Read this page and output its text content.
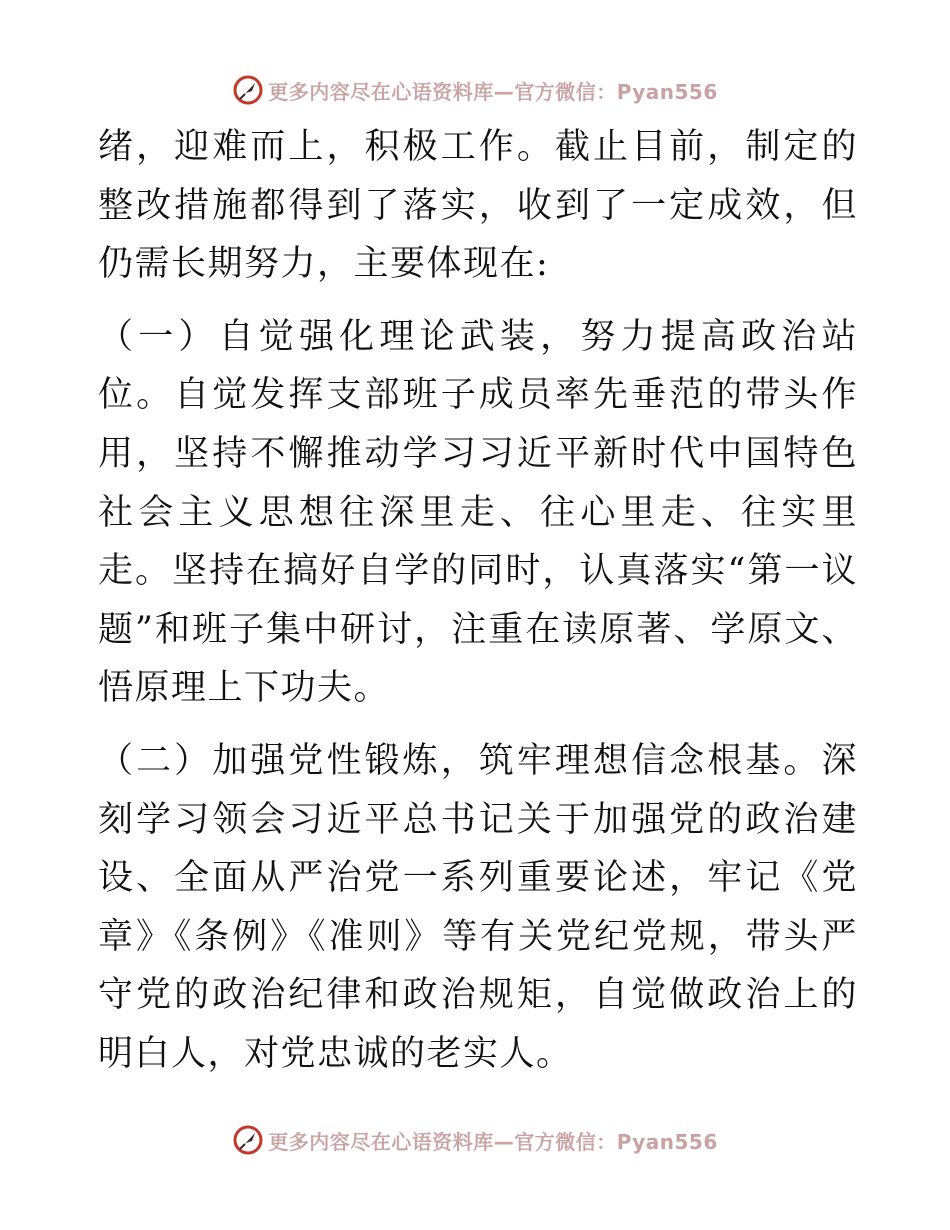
更多内容尽在心语资料库—官方微信：Pyan556

绪，迎难而上，积极工作。截止目前，制定的整改措施都得到了落实，收到了一定成效，但仍需长期努力，主要体现在:

（一）自觉强化理论武装，努力提高政治站位。自觉发挥支部班子成员率先垂范的带头作用，坚持不懈推动学习习近平新时代中国特色社会主义思想往深里走、往心里走、往实里走。坚持在搞好自学的同时，认真落实“第一议题”和班子集中研讨，注重在读原著、学原文、悟原理上下功夫。

（二）加强党性锻炼，筑牢理想信念根基。深刻学习领会习近平总书记关于加强党的政治建设、全面从严治党一系列重要论述，牢记《党章》《条例》《准则》等有关党纪党规，带头严守党的政治纪律和政治规矩，自觉做政治上的明白人，对党忠诚的老实人。

更多内容尽在心语资料库—官方微信：Pyan556
